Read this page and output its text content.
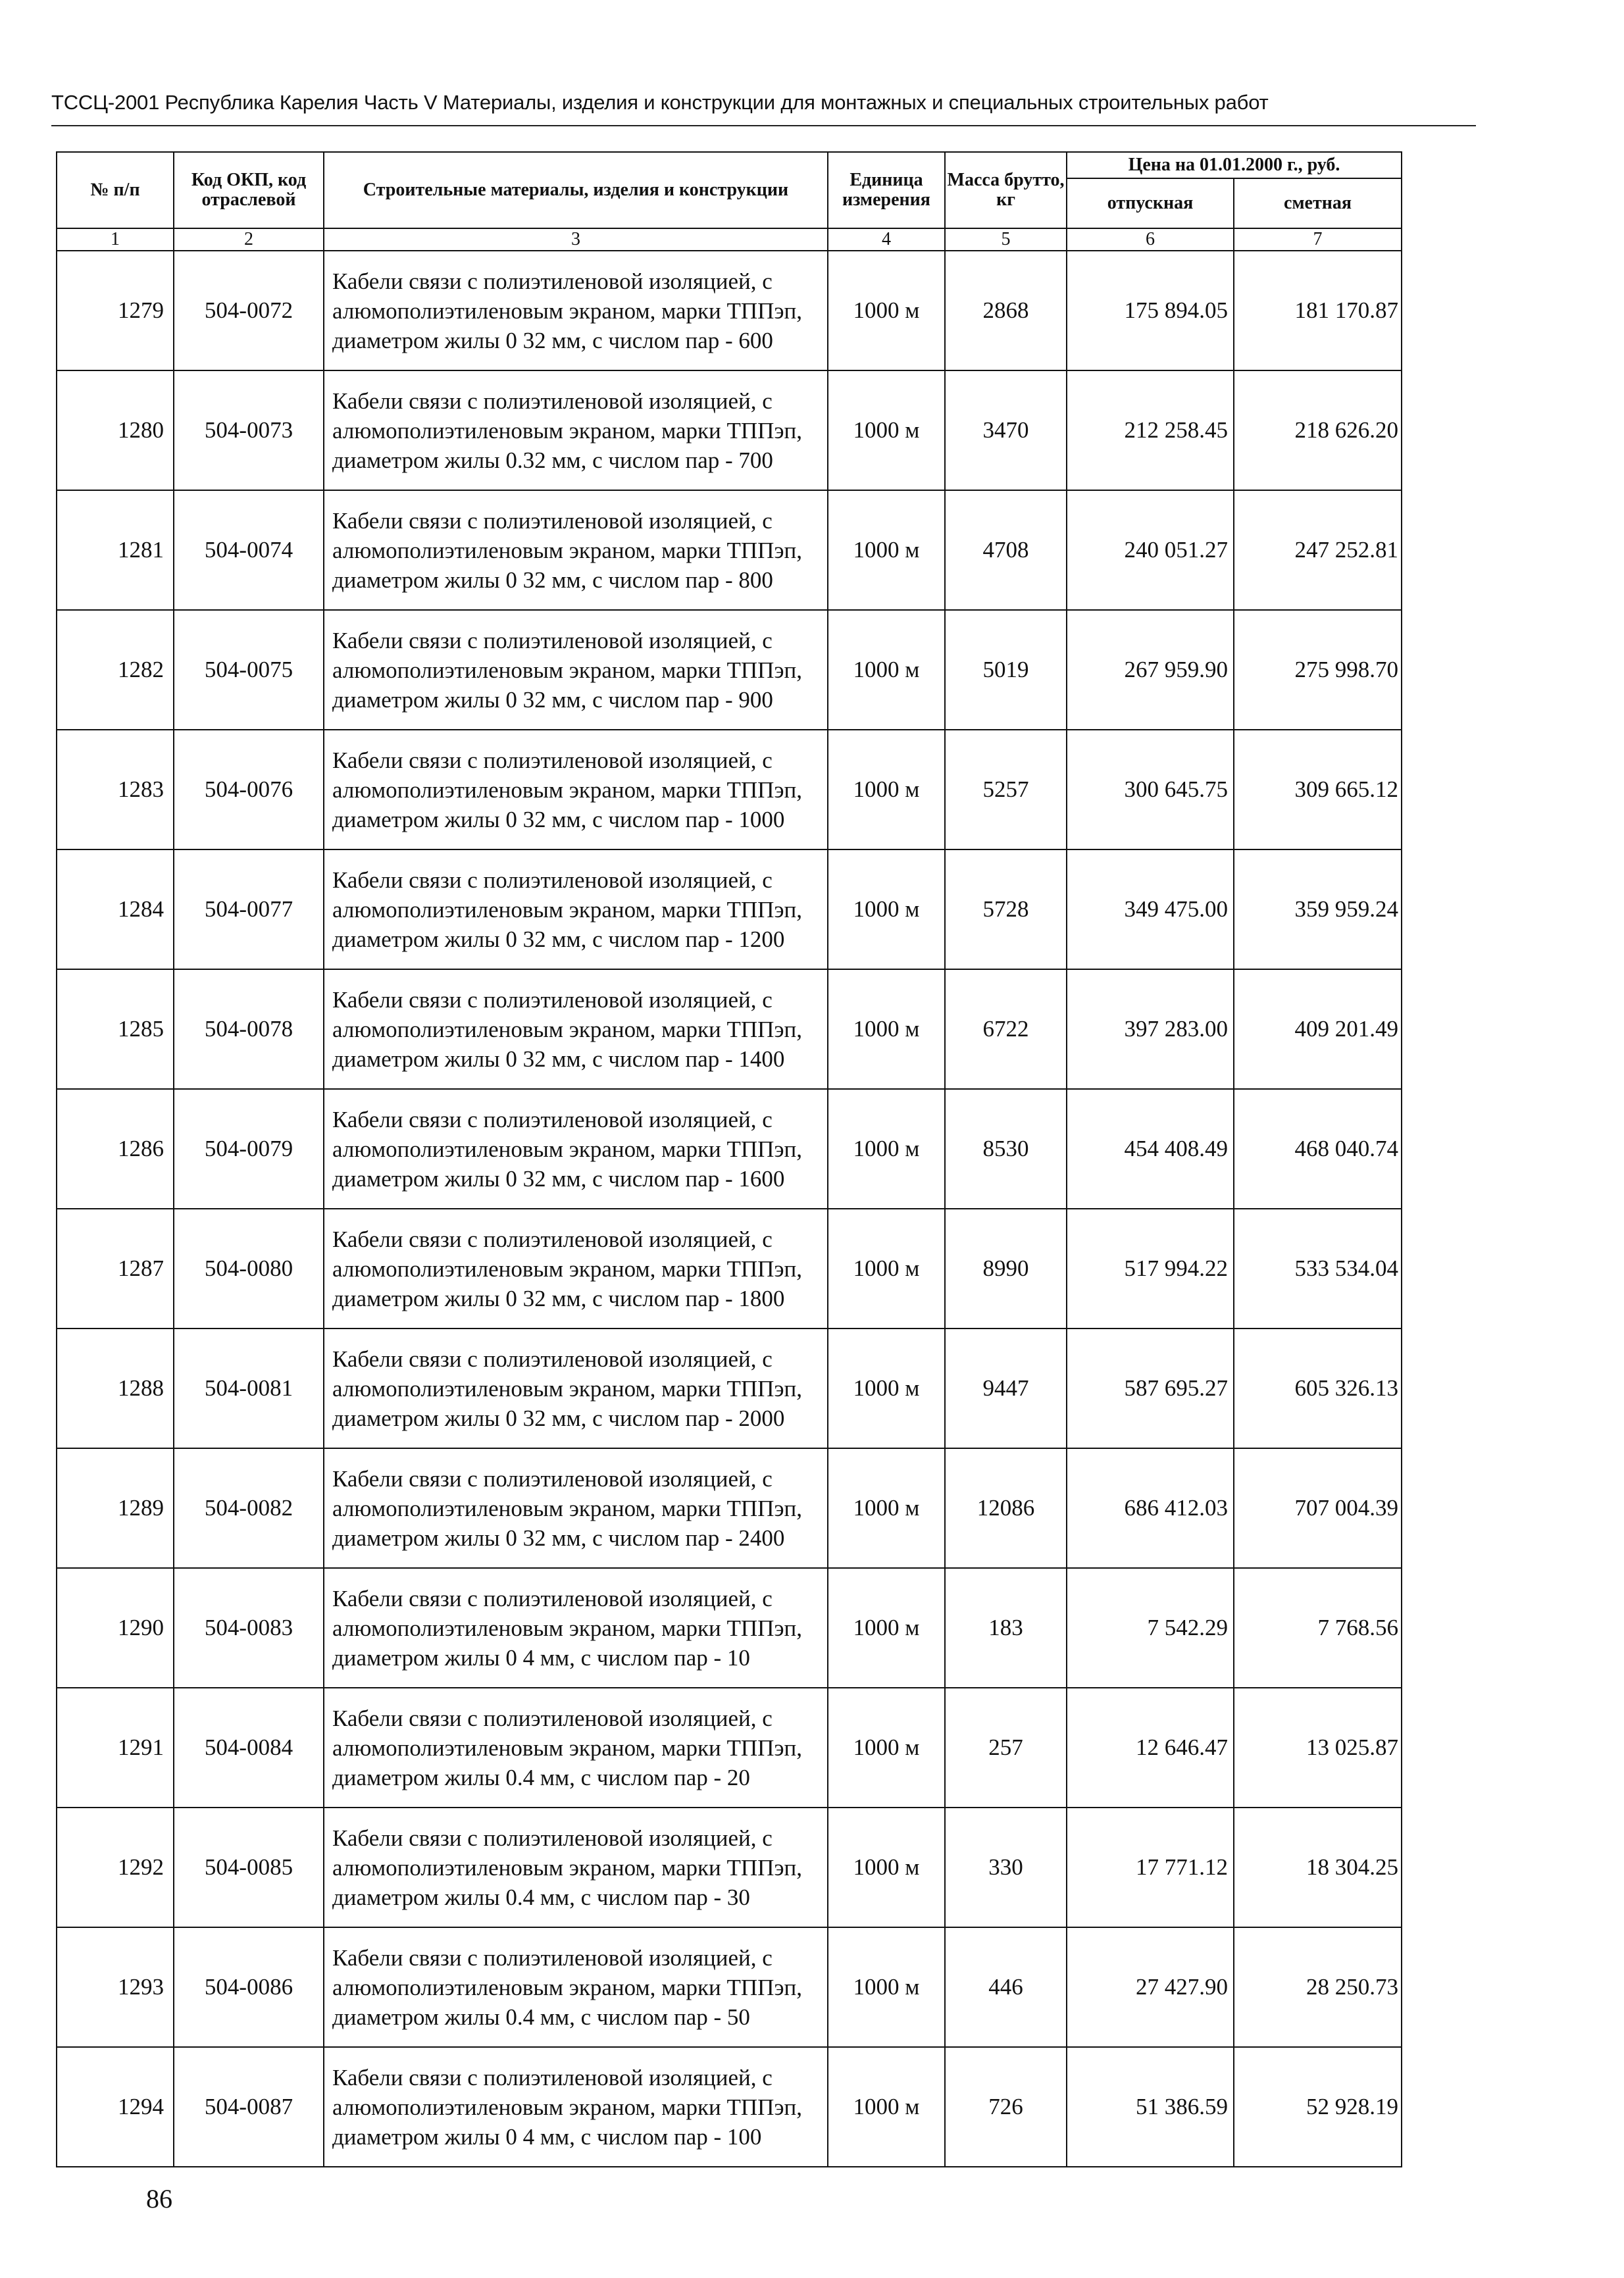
ТССЦ-2001 Республика Карелия Часть V Материалы, изделия и конструкции для монтажных и специальных строительных работ
№ п/п	Код ОКП, код отраслевой	Строительные материалы, изделия и конструкции	Единица измерения	Масса брутто, кг	Цена на 01.01.2000 г., руб.	
					отпускная	сметная
1	2	3	4	5	6	7
1279	504-0072	Кабели связи с полиэтиленовой изоляцией, с алюмополиэтиленовым экраном, марки ТППэп, диаметром жилы 0 32 мм, с числом пар - 600	1000 м	2868	175 894.05	181 170.87
1280	504-0073	Кабели связи с полиэтиленовой изоляцией, с алюмополиэтиленовым экраном, марки ТППэп, диаметром жилы 0.32 мм, с числом пар - 700	1000 м	3470	212 258.45	218 626.20
1281	504-0074	Кабели связи с полиэтиленовой изоляцией, с алюмополиэтиленовым экраном, марки ТППэп, диаметром жилы 0 32 мм, с числом пар - 800	1000 м	4708	240 051.27	247 252.81
1282	504-0075	Кабели связи с полиэтиленовой изоляцией, с алюмополиэтиленовым экраном, марки ТППэп, диаметром жилы 0 32 мм, с числом пар - 900	1000 м	5019	267 959.90	275 998.70
1283	504-0076	Кабели связи с полиэтиленовой изоляцией, с алюмополиэтиленовым экраном, марки ТППэп, диаметром жилы 0 32 мм, с числом пар - 1000	1000 м	5257	300 645.75	309 665.12
1284	504-0077	Кабели связи с полиэтиленовой изоляцией, с алюмополиэтиленовым экраном, марки ТППэп, диаметром жилы 0 32 мм, с числом пар - 1200	1000 м	5728	349 475.00	359 959.24
1285	504-0078	Кабели связи с полиэтиленовой изоляцией, с алюмополиэтиленовым экраном, марки ТППэп, диаметром жилы 0 32 мм, с числом пар - 1400	1000 м	6722	397 283.00	409 201.49
1286	504-0079	Кабели связи с полиэтиленовой изоляцией, с алюмополиэтиленовым экраном, марки ТППэп, диаметром жилы 0 32 мм, с числом пар - 1600	1000 м	8530	454 408.49	468 040.74
1287	504-0080	Кабели связи с полиэтиленовой изоляцией, с алюмополиэтиленовым экраном, марки ТППэп, диаметром жилы 0 32 мм, с числом пар - 1800	1000 м	8990	517 994.22	533 534.04
1288	504-0081	Кабели связи с полиэтиленовой изоляцией, с алюмополиэтиленовым экраном, марки ТППэп, диаметром жилы 0 32 мм, с числом пар - 2000	1000 м	9447	587 695.27	605 326.13
1289	504-0082	Кабели связи с полиэтиленовой изоляцией, с алюмополиэтиленовым экраном, марки ТППэп, диаметром жилы 0 32 мм, с числом пар - 2400	1000 м	12086	686 412.03	707 004.39
1290	504-0083	Кабели связи с полиэтиленовой изоляцией, с алюмополиэтиленовым экраном, марки ТППэп, диаметром жилы 0 4 мм, с числом пар - 10	1000 м	183	7 542.29	7 768.56
1291	504-0084	Кабели связи с полиэтиленовой изоляцией, с алюмополиэтиленовым экраном, марки ТППэп, диаметром жилы 0.4 мм, с числом пар - 20	1000 м	257	12 646.47	13 025.87
1292	504-0085	Кабели связи с полиэтиленовой изоляцией, с алюмополиэтиленовым экраном, марки ТППэп, диаметром жилы 0.4 мм, с числом пар - 30	1000 м	330	17 771.12	18 304.25
1293	504-0086	Кабели связи с полиэтиленовой изоляцией, с алюмополиэтиленовым экраном, марки ТППэп, диаметром жилы 0.4 мм, с числом пар - 50	1000 м	446	27 427.90	28 250.73
1294	504-0087	Кабели связи с полиэтиленовой изоляцией, с алюмополиэтиленовым экраном, марки ТППэп, диаметром жилы 0 4 мм, с числом пар - 100	1000 м	726	51 386.59	52 928.19
86
